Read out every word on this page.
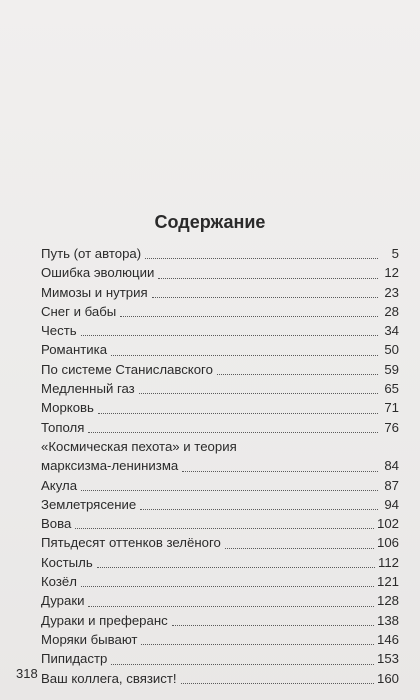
Содержание
Путь (от автора)	5
Ошибка эволюции	12
Мимозы и нутрия	23
Снег и бабы	28
Честь	34
Романтика	50
По системе Станиславского	59
Медленный газ	65
Морковь	71
Тополя	76
«Космическая пехота» и теория
марксизма-ленинизма	84
Акула	87
Землетрясение	94
Вова	102
Пятьдесят оттенков зелёного	106
Костыль	112
Козёл	121
Дураки	128
Дураки и преферанс	138
Моряки бывают	146
Пипидастр	153
Ваш коллега, связист!	160
318
